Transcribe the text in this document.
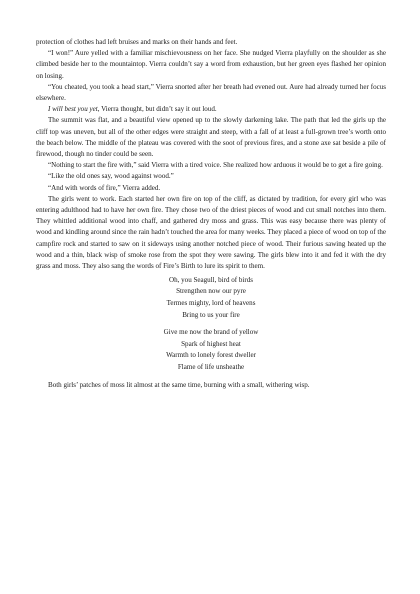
protection of clothes had left bruises and marks on their hands and feet.

“I won!” Aure yelled with a familiar mischievousness on her face. She nudged Vierra playfully on the shoulder as she climbed beside her to the mountaintop. Vierra couldn’t say a word from exhaustion, but her green eyes flashed her opinion on losing.

“You cheated, you took a head start,” Vierra snorted after her breath had evened out. Aure had already turned her focus elsewhere.

I will best you yet, Vierra thought, but didn’t say it out loud.

The summit was flat, and a beautiful view opened up to the slowly darkening lake. The path that led the girls up the cliff top was uneven, but all of the other edges were straight and steep, with a fall of at least a full-grown tree’s worth onto the beach below. The middle of the plateau was covered with the soot of previous fires, and a stone axe sat beside a pile of firewood, though no tinder could be seen.

“Nothing to start the fire with,” said Vierra with a tired voice. She realized how arduous it would be to get a fire going.

“Like the old ones say, wood against wood.”

“And with words of fire,” Vierra added.

The girls went to work. Each started her own fire on top of the cliff, as dictated by tradition, for every girl who was entering adulthood had to have her own fire. They chose two of the driest pieces of wood and cut small notches into them. They whittled additional wood into chaff, and gathered dry moss and grass. This was easy because there was plenty of wood and kindling around since the rain hadn’t touched the area for many weeks. They placed a piece of wood on top of the campfire rock and started to saw on it sideways using another notched piece of wood. Their furious sawing heated up the wood and a thin, black wisp of smoke rose from the spot they were sawing. The girls blew into it and fed it with the dry grass and moss. They also sang the words of Fire’s Birth to lure its spirit to them.

Oh, you Seagull, bird of birds
Strengthen now our pyre
Termes mighty, lord of heavens
Bring to us your fire
Give me now the brand of yellow
Spark of highest heat
Warmth to lonely forest dweller
Flame of life unsheathe

Both girls’ patches of moss lit almost at the same time, burning with a small, withering wisp.
